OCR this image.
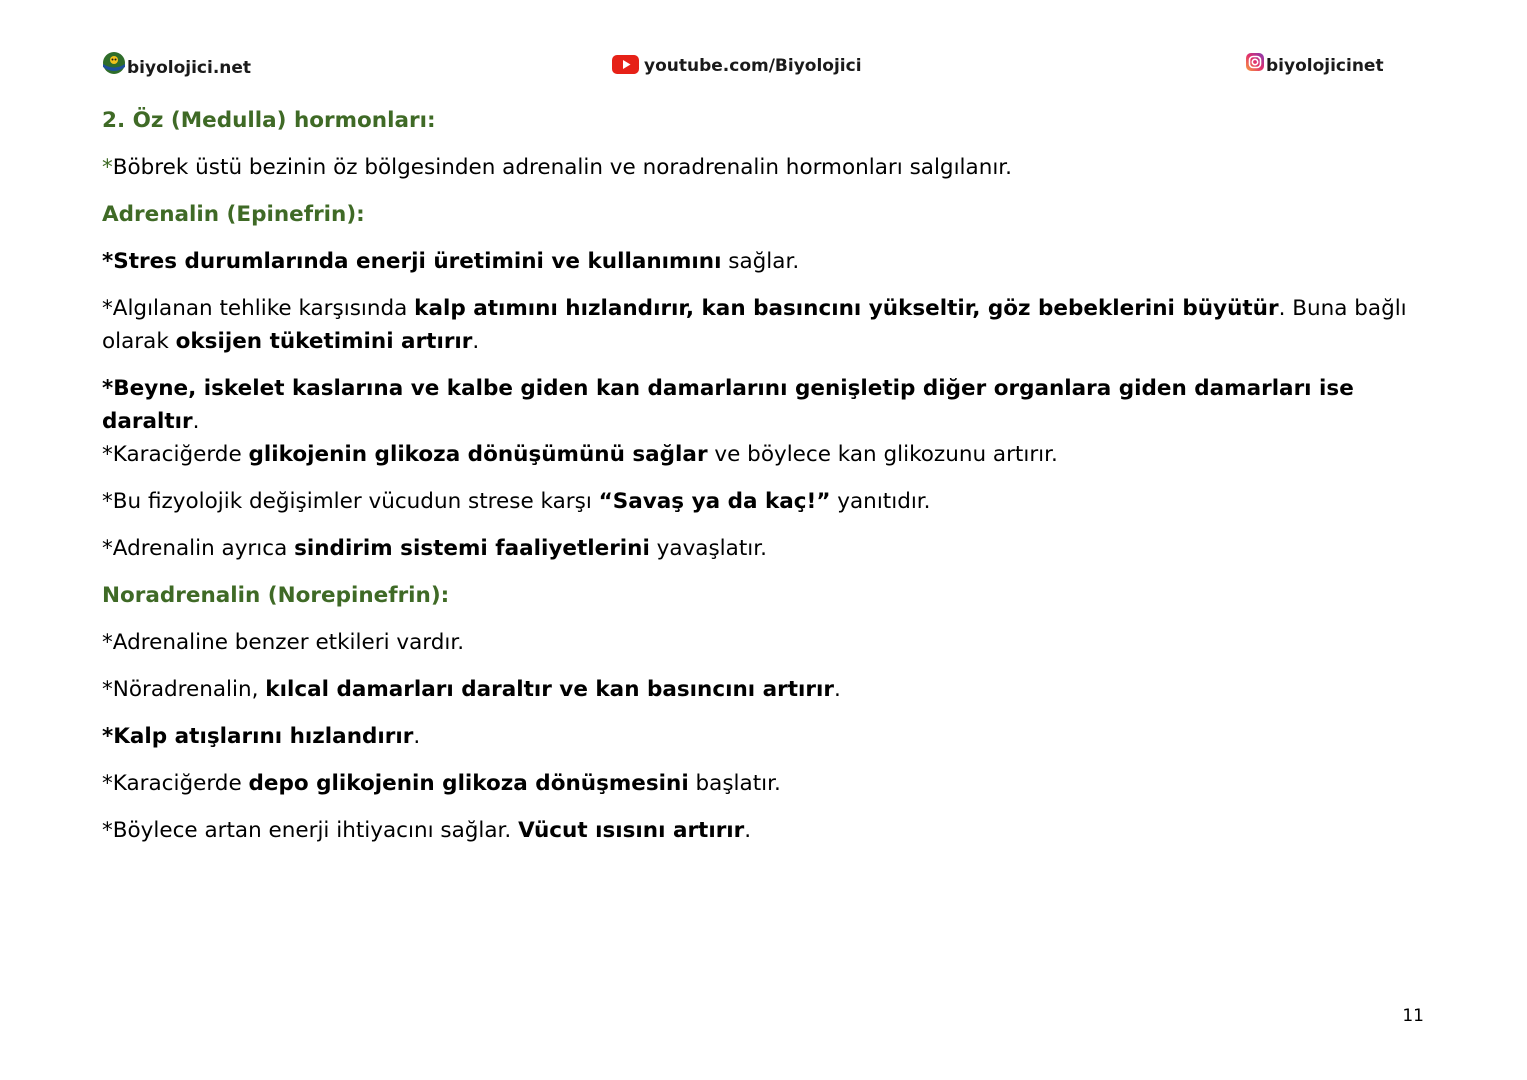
biyolojici.net	youtube.com/Biyolojici	biyolojicinet
2. Öz (Medulla) hormonları:
*Böbrek üstü bezinin öz bölgesinden adrenalin ve noradrenalin hormonları salgılanır.
Adrenalin (Epinefrin):
*Stres durumlarında enerji üretimini ve kullanımını sağlar.
*Algılanan tehlike karşısında kalp atımını hızlandırır, kan basıncını yükseltir, göz bebeklerini büyütür. Buna bağlı olarak oksijen tüketimini artırır.
*Beyne, iskelet kaslarına ve kalbe giden kan damarlarını genişletip diğer organlara giden damarları ise daraltır.
*Karaciğerde glikojenin glikoza dönüşümünü sağlar ve böylece kan glikozunu artırır.
*Bu fizyolojik değişimler vücudun strese karşı “Savaş ya da kaç!” yanıtıdır.
*Adrenalin ayrıca sindirim sistemi faaliyetlerini yavaşlatır.
Noradrenalin (Norepinefrin):
*Adrenaline benzer etkileri vardır.
*Nöradrenalin, kılcal damarları daraltır ve kan basıncını artırır.
*Kalp atışlarını hızlandırır.
*Karaciğerde depo glikojenin glikoza dönüşmesini başlatır.
*Böylece artan enerji ihtiyacını sağlar. Vücut ısısını artırır.
11
